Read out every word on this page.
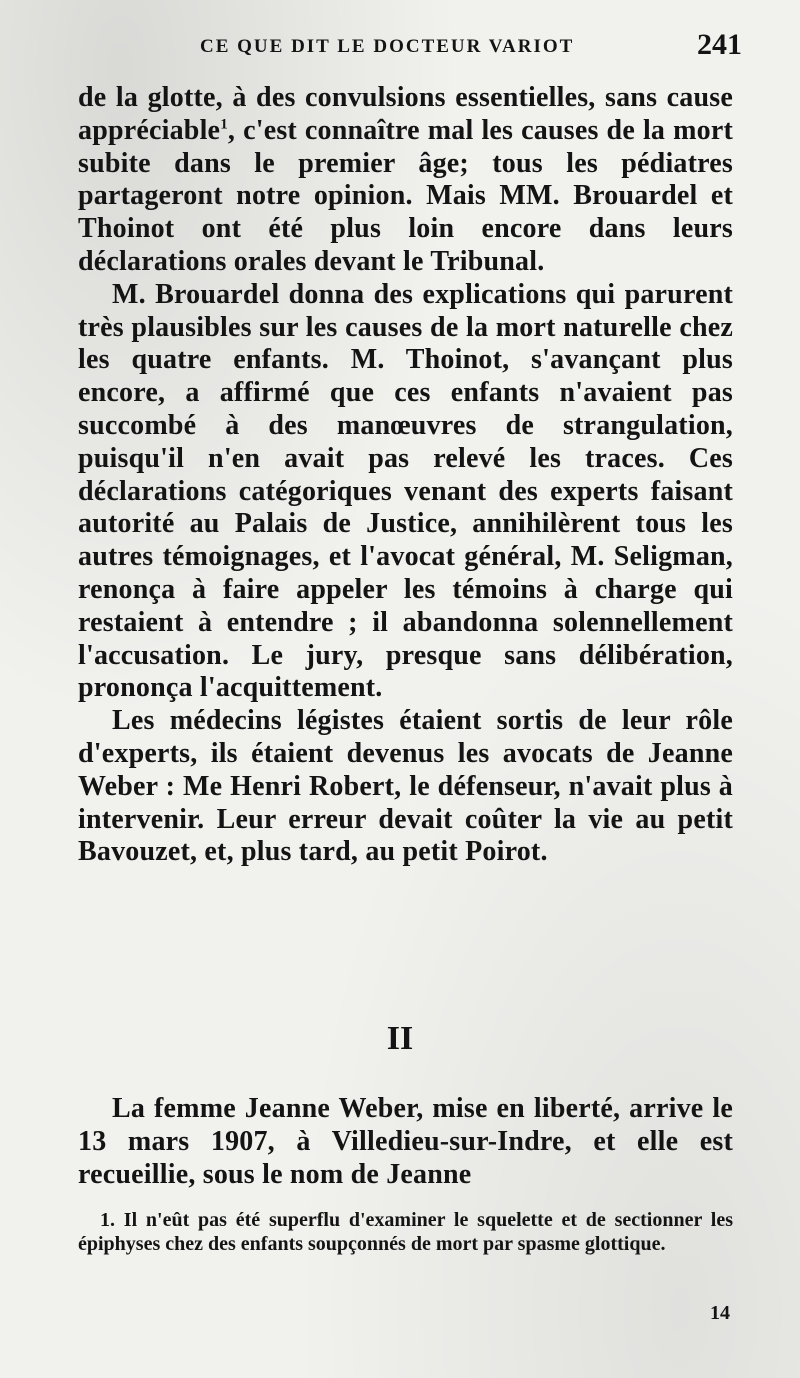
CE QUE DIT LE DOCTEUR VARIOT	241

de la glotte, à des convulsions essentielles, sans cause appréciable$^1$, c'est connaître mal les causes de la mort subite dans le premier âge; tous les pédiatres partageront notre opinion. Mais MM. Brouardel et Thoinot ont été plus loin encore dans leurs déclarations orales devant le Tribunal.

M. Brouardel donna des explications qui parurent très plausibles sur les causes de la mort naturelle chez les quatre enfants. M. Thoinot, s'avançant plus encore, a affirmé que ces enfants n'avaient pas succombé à des manœuvres de strangulation, puisqu'il n'en avait pas relevé les traces. Ces déclarations catégoriques venant des experts faisant autorité au Palais de Justice, annihilèrent tous les autres témoignages, et l'avocat général, M. Seligman, renonça à faire appeler les témoins à charge qui restaient à entendre ; il abandonna solennellement l'accusation. Le jury, presque sans délibération, prononça l'acquittement.

Les médecins légistes étaient sortis de leur rôle d'experts, ils étaient devenus les avocats de Jeanne Weber : Me Henri Robert, le défenseur, n'avait plus à intervenir. Leur erreur devait coûter la vie au petit Bavouzet, et, plus tard, au petit Poirot.

II

La femme Jeanne Weber, mise en liberté, arrive le 13 mars 1907, à Villedieu-sur-Indre, et elle est recueillie, sous le nom de Jeanne

1. Il n'eût pas été superflu d'examiner le squelette et de sectionner les épiphyses chez des enfants soupçonnés de mort par spasme glottique.
14
